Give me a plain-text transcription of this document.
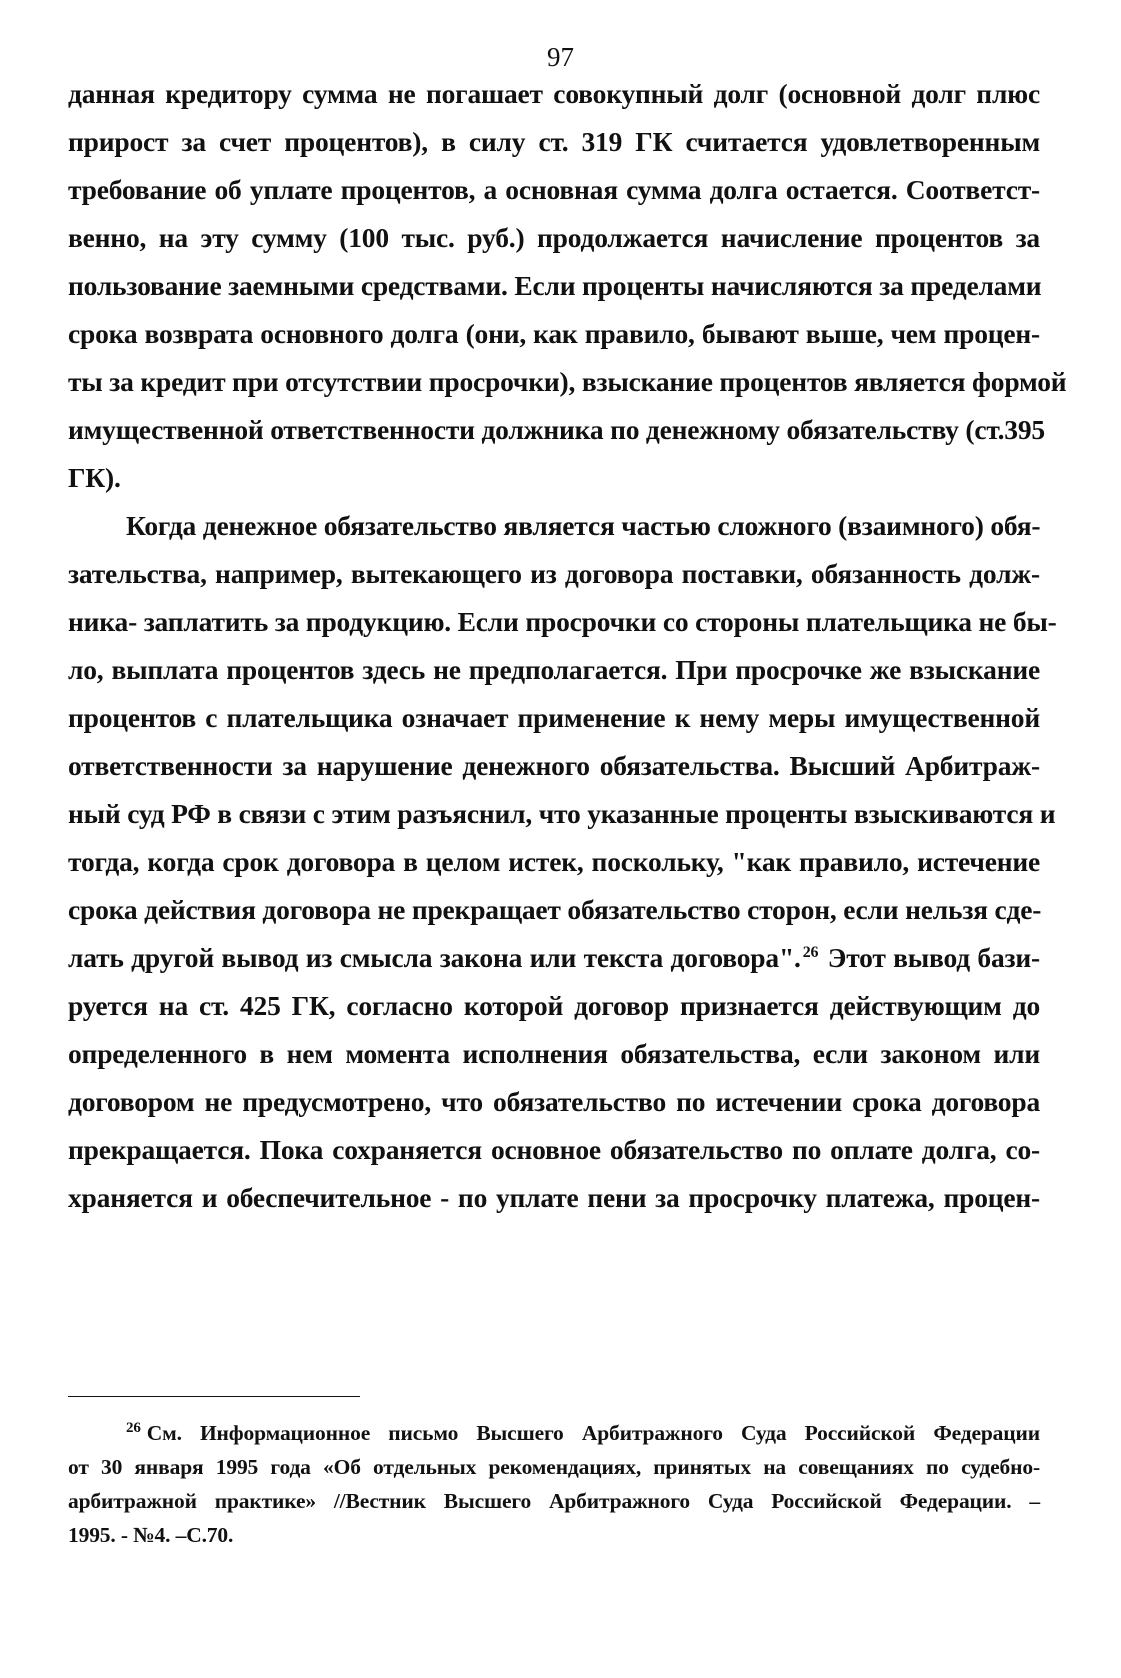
97
данная кредитору сумма не погашает совокупный долг (основной долг плюс
прирост за счет процентов), в силу ст. 319 ГК считается удовлетворенным
требование об уплате процентов, а основная сумма долга остается. Соответст-
венно, на эту сумму (100 тыс. руб.) продолжается начисление процентов за
пользование заемными средствами. Если проценты начисляются за пределами
срока возврата основного долга (они, как правило, бывают выше, чем процен-
ты за кредит при отсутствии просрочки), взыскание процентов является формой
имущественной ответственности должника по денежному обязательству (ст.395
ГК).
Когда денежное обязательство является частью сложного (взаимного) обя-
зательства, например, вытекающего из договора поставки, обязанность долж-
ника- заплатить за продукцию. Если просрочки со стороны плательщика не бы-
ло, выплата процентов здесь не предполагается. При просрочке же взыскание
процентов с плательщика означает применение к нему меры имущественной
ответственности за нарушение денежного обязательства. Высший Арбитраж-
ный суд РФ в связи с этим разъяснил, что указанные проценты взыскиваются и
тогда, когда срок договора в целом истек, поскольку, "как правило, истечение
срока действия договора не прекращает обязательство сторон, если нельзя сде-
лать другой вывод из смысла закона или текста договора". $^{26}$ Этот вывод бази-
руется на ст. 425 ГК, согласно которой договор признается действующим до
определенного в нем момента исполнения обязательства, если законом или
договором не предусмотрено, что обязательство по истечении срока договора
прекращается. Пока сохраняется основное обязательство по оплате долга, со-
храняется и обеспечительное - по уплате пени за просрочку платежа, процен-
$^{26}$ См. Информационное письмо Высшего Арбитражного Суда Российской Федерации
от 30 января 1995 года «Об отдельных рекомендациях, принятых на совещаниях по судебно-
арбитражной практике» //Вестник Высшего Арбитражного Суда Российской Федерации. –
1995. - №4. –С.70.
